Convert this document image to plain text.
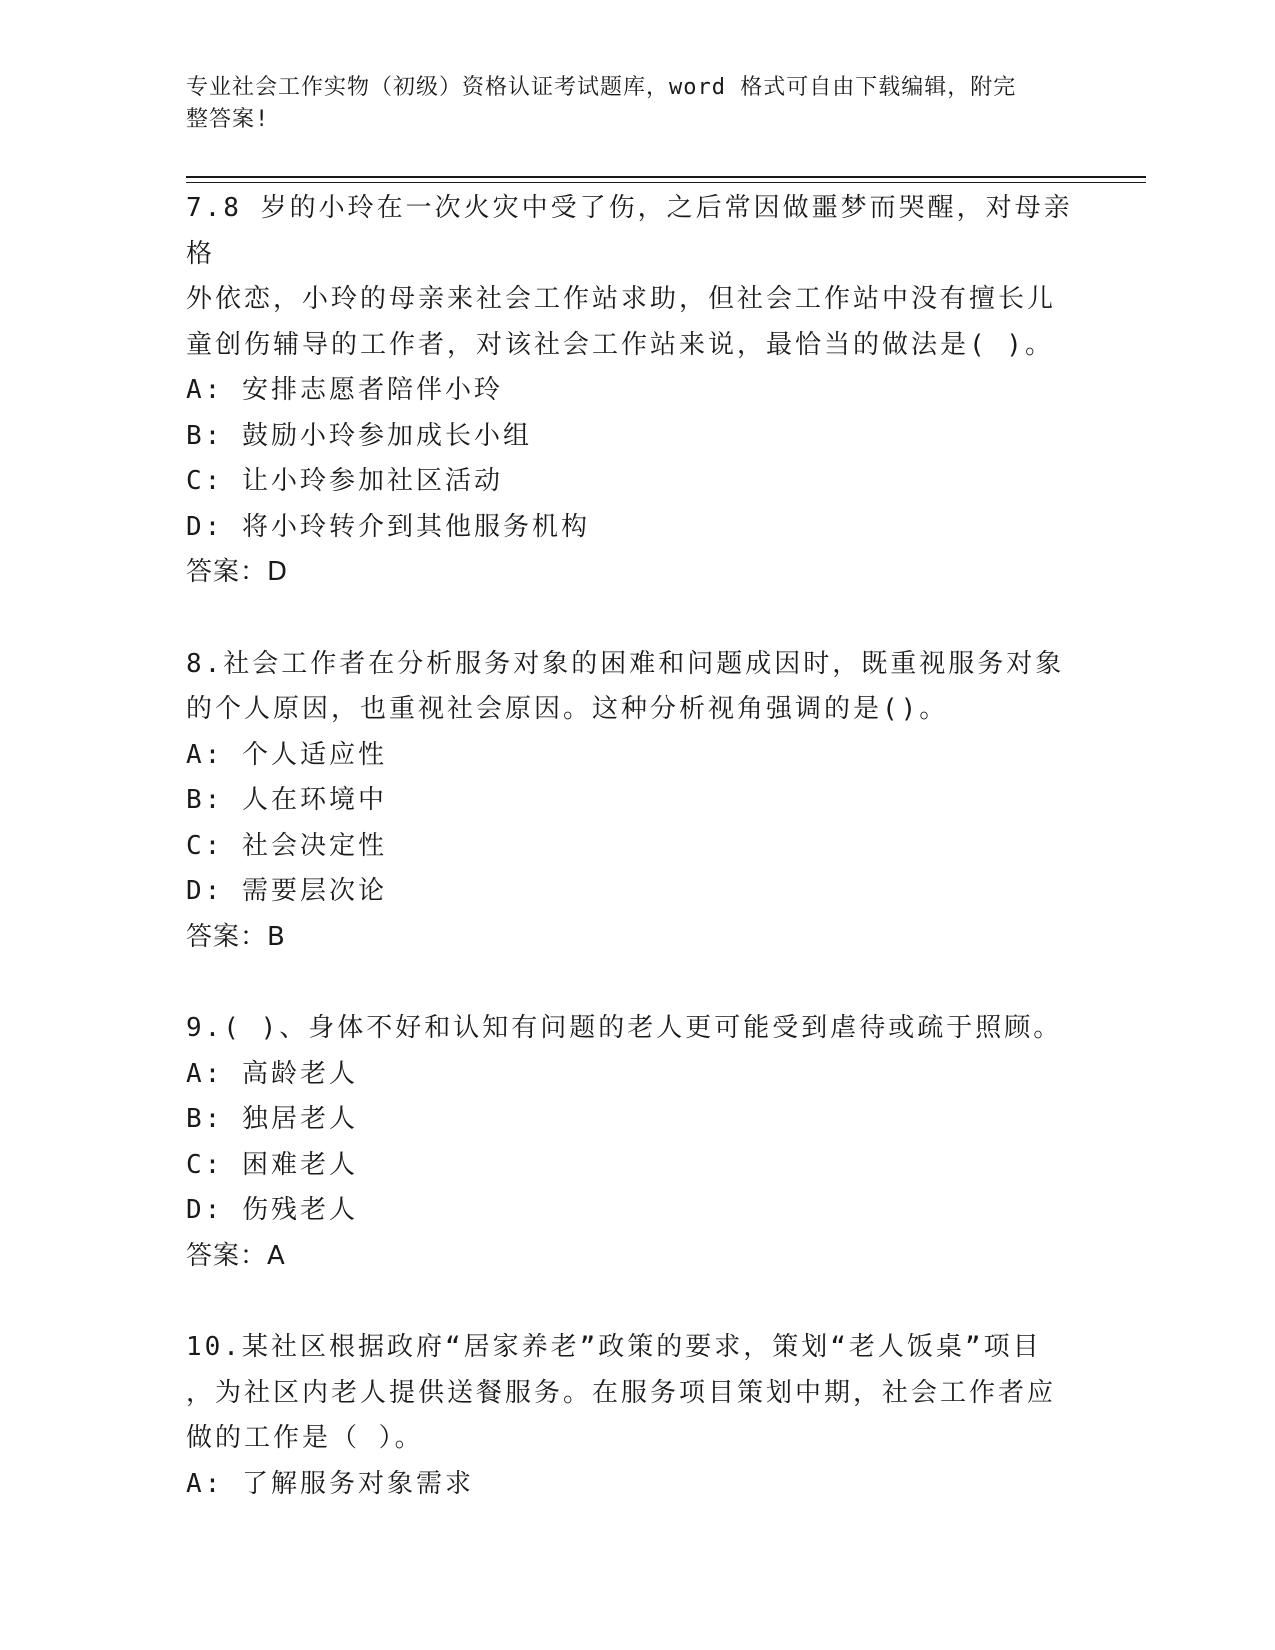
专业社会工作实物（初级）资格认证考试题库，word 格式可自由下载编辑，附完
整答案!

7.8 岁的小玲在一次火灾中受了伤，之后常因做噩梦而哭醒，对母亲格

外依恋，小玲的母亲来社会工作站求助，但社会工作站中没有擅长儿

童创伤辅导的工作者，对该社会工作站来说，最恰当的做法是( )。

A: 安排志愿者陪伴小玲

B: 鼓励小玲参加成长小组

C: 让小玲参加社区活动

D: 将小玲转介到其他服务机构

答案：D

8.社会工作者在分析服务对象的困难和问题成因时，既重视服务对象

的个人原因，也重视社会原因。这种分析视角强调的是()。

A: 个人适应性

B: 人在环境中

C: 社会决定性

D: 需要层次论

答案：B

9.( )、身体不好和认知有问题的老人更可能受到虐待或疏于照顾。

A: 高龄老人

B: 独居老人

C: 困难老人

D: 伤残老人

答案：A

10.某社区根据政府“居家养老”政策的要求，策划“老人饭桌”项目

，为社区内老人提供送餐服务。在服务项目策划中期，社会工作者应

做的工作是（ ）。

A: 了解服务对象需求
